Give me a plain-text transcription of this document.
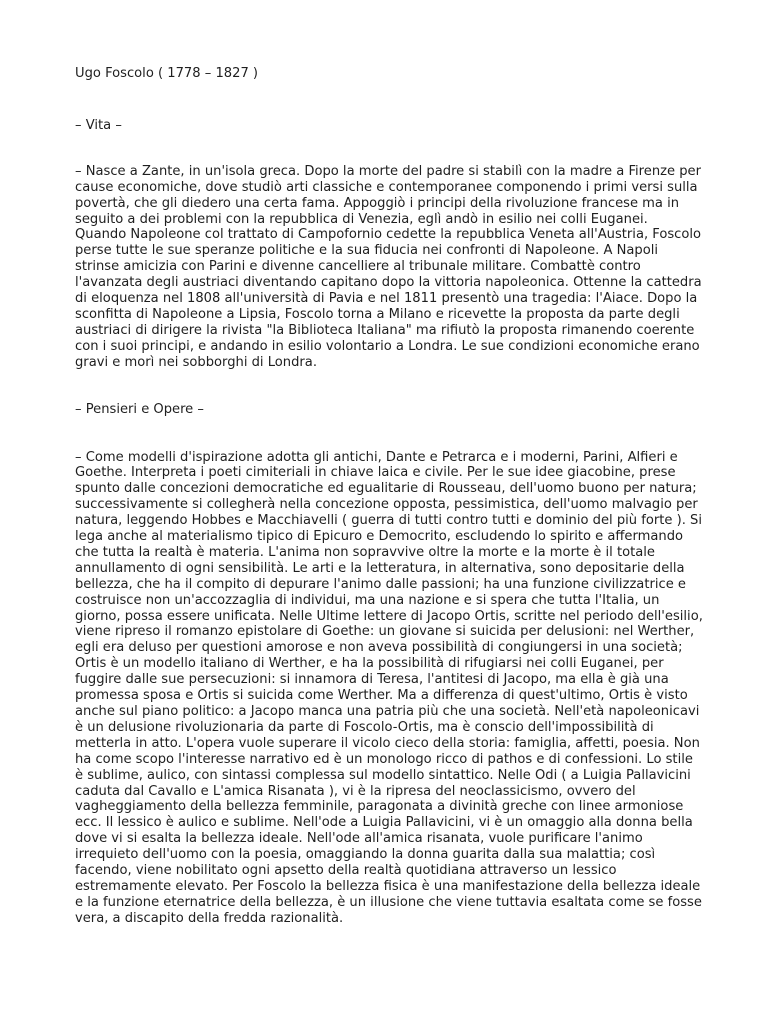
Ugo Foscolo ( 1778 – 1827 )
– Vita –

– Nasce a Zante, in un'isola greca. Dopo la morte del padre si stabilì con la madre a Firenze per cause economiche, dove studiò arti classiche e contemporanee componendo i primi versi sulla povertà, che gli diedero una certa fama. Appoggiò i principi della rivoluzione francese ma in seguito a dei problemi con la repubblica di Venezia, eglì andò in esilio nei colli Euganei. Quando Napoleone col trattato di Campofornio cedette la repubblica Veneta all'Austria, Foscolo perse tutte le sue speranze politiche e la sua fiducia nei confronti di Napoleone. A Napoli strinse amicizia con Parini e divenne cancelliere al tribunale militare. Combattè contro l'avanzata degli austriaci diventando capitano dopo la vittoria napoleonica. Ottenne la cattedra di eloquenza nel 1808 all'università di Pavia e nel 1811 presentò una tragedia: l'Aiace. Dopo la sconfitta di Napoleone a Lipsia, Foscolo torna a Milano e ricevette la proposta da parte degli austriaci di dirigere la rivista "la Biblioteca Italiana" ma rifiutò la proposta rimanendo coerente con i suoi principi, e andando in esilio volontario a Londra. Le sue condizioni economiche erano gravi e morì nei sobborghi di Londra.

– Pensieri e Opere –

– Come modelli d'ispirazione adotta gli antichi, Dante e Petrarca e i moderni, Parini, Alfieri e Goethe. Interpreta i poeti cimiteriali in chiave laica e civile. Per le sue idee giacobine, prese spunto dalle concezioni democratiche ed egualitarie di Rousseau, dell'uomo buono per natura; successivamente si collegherà nella concezione opposta, pessimistica, dell'uomo malvagio per natura, leggendo Hobbes e Macchiavelli ( guerra di tutti contro tutti e dominio del più forte ). Si lega anche al materialismo tipico di Epicuro e Democrito, escludendo lo spirito e affermando che tutta la realtà è materia. L'anima non sopravvive oltre la morte e la morte è il totale annullamento di ogni sensibilità. Le arti e la letteratura, in alternativa, sono depositarie della bellezza, che ha il compito di depurare l'animo dalle passioni; ha una funzione civilizzatrice e costruisce non un'accozzaglia di individui, ma una nazione e si spera che tutta l'Italia, un giorno, possa essere unificata. Nelle Ultime lettere di Jacopo Ortis, scritte nel periodo dell'esilio, viene ripreso il romanzo epistolare di Goethe: un giovane si suicida per delusioni: nel Werther, egli era deluso per questioni amorose e non aveva possibilità di congiungersi in una società; Ortis è un modello italiano di Werther, e ha la possibilità di rifugiarsi nei colli Euganei, per fuggire dalle sue persecuzioni: si innamora di Teresa, l'antitesi di Jacopo, ma ella è già una promessa sposa e Ortis si suicida come Werther. Ma a differenza di quest'ultimo, Ortis è visto anche sul piano politico: a Jacopo manca una patria più che una società. Nell'età napoleonicavi è un delusione rivoluzionaria da parte di Foscolo-Ortis, ma è conscio dell'impossibilità di metterla in atto. L'opera vuole superare il vicolo cieco della storia: famiglia, affetti, poesia. Non ha come scopo l'interesse narrativo ed è un monologo ricco di pathos e di confessioni. Lo stile è sublime, aulico, con sintassi complessa sul modello sintattico. Nelle Odi ( a Luigia Pallavicini caduta dal Cavallo e L'amica Risanata ), vi è la ripresa del neoclassicismo, ovvero del vagheggiamento della bellezza femminile, paragonata a divinità greche con linee armoniose ecc. Il lessico è aulico e sublime. Nell'ode a Luigia Pallavicini, vi è un omaggio alla donna bella dove vi si esalta la bellezza ideale. Nell'ode all'amica risanata, vuole purificare l'animo irrequieto dell'uomo con la poesia, omaggiando la donna guarita dalla sua malattia; così facendo, viene nobilitato ogni apsetto della realtà quotidiana attraverso un lessico estremamente elevato. Per Foscolo la bellezza fisica è una manifestazione della bellezza ideale e la funzione eternatrice della bellezza, è un illusione che viene tuttavia esaltata come se fosse vera, a discapito della fredda razionalità.
